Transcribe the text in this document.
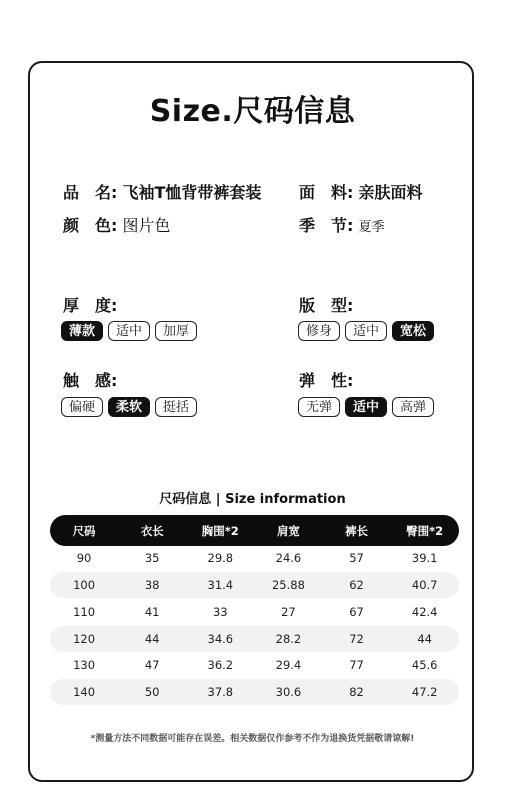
Size.尺码信息
品　名: 飞袖T恤背带裤套装 面　料: 亲肤面料
颜　色: 图片色	季　节: 夏季
厚　度:
薄款	适中	加厚
版　型:
修身	适中	宽松
触　感:
偏硬	柔软	挺括
弹　性:
无弹	适中	高弹
尺码信息 | Size information
尺码	衣长	胸围*2	肩宽	裤长	臀围*2
90	35	29.8	24.6	57	39.1
100	38	31.4	25.88	62	40.7
110	41	33	27	67	42.4
120	44	34.6	28.2	72	44
130	47	36.2	29.4	77	45.6
140	50	37.8	30.6	82	47.2
*测量方法不同数据可能存在误差。相关数据仅作参考不作为退换货凭据敬请谅解!
